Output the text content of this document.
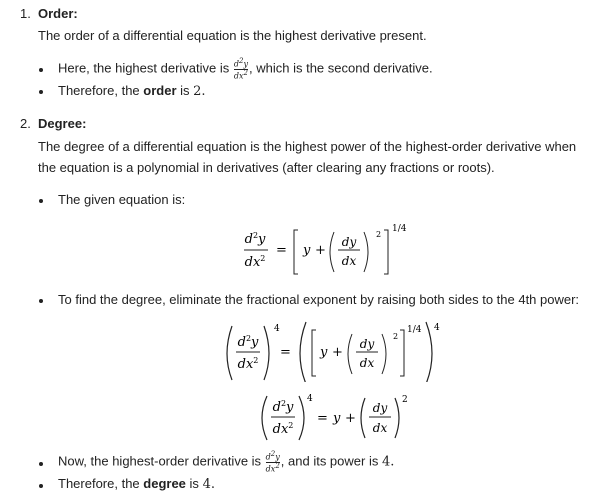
1. Order:
The order of a differential equation is the highest derivative present.
Here, the highest derivative is $\frac{d2y}{dx2}$ , which is the second derivative.
Therefore, the order is 2.
2. Degree:
The degree of a differential equation is the highest power of the highest-order derivative when
the equation is a polynomial in derivatives (after clearing any fractions or roots).
The given equation is:
$d^2y$
$dx^2$
= y +
dy
dx
2
1/4
To find the degree, eliminate the fractional exponent by raising both sides to the 4th power:
$d^2y$
$dx^2$
4
= y +
dy
dx
2
1/4 4
$d^2y$
$dx^2$
4
= y +
dy
dx
2
Now, the highest-order derivative is $\frac{d2y}{dx2}$ , and its power is 4.
Therefore, the degree is 4.
